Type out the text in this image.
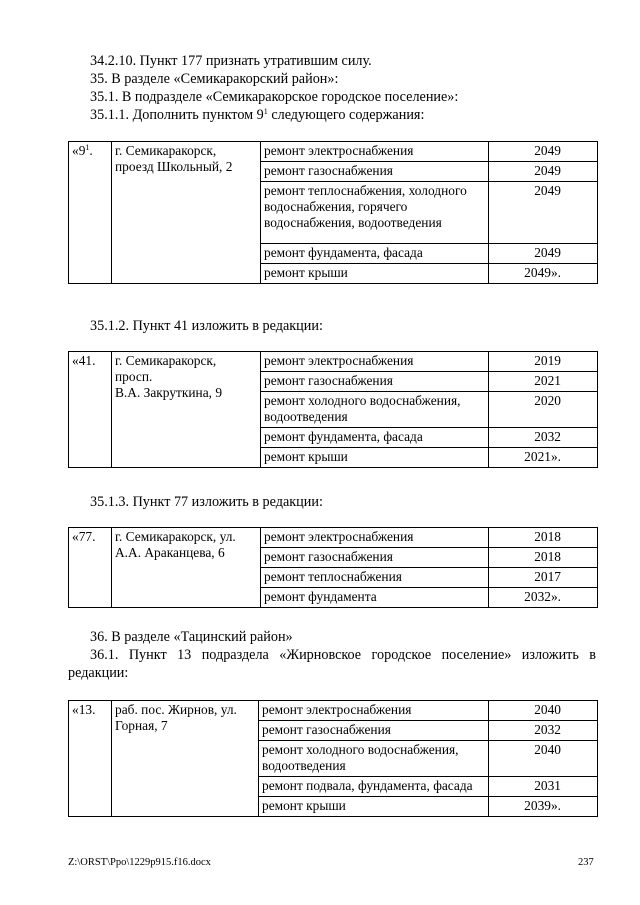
34.2.10. Пункт 177 признать утратившим силу.
35. В разделе «Семикаракорский район»:
35.1. В подразделе «Семикаракорское городское поселение»:
35.1.1. Дополнить пунктом $9^1$ следующего содержания:
«$9^1$.	г. Семикаракорск, проезд Школьный, 2	ремонт электроснабжения	2049
		ремонт газоснабжения	2049
		ремонт теплоснабжения, холодного водоснабжения, горячего водоснабжения, водоотведения	2049
		ремонт фундамента, фасада	2049
		ремонт крыши	2049».
35.1.2. Пункт 41 изложить в редакции:
«41.	г. Семикаракорск,
просп.
В.А. Закруткина, 9	ремонт электроснабжения	2019
		ремонт газоснабжения	2021
		ремонт холодного водоснабжения, водоотведения	2020
		ремонт фундамента, фасада	2032
		ремонт крыши	2021».
35.1.3. Пункт 77 изложить в редакции:
«77.	г. Семикаракорск, ул. А.А. Араканцева, 6	ремонт электроснабжения	2018
		ремонт газоснабжения	2018
		ремонт теплоснабжения	2017
		ремонт фундамента	2032».
36. В разделе «Тацинский район»
36.1. Пункт 13 подраздела «Жирновское городское поселение» изложить в редакции:
«13.	раб. пос. Жирнов, ул. Горная, 7	ремонт электроснабжения	2040
		ремонт газоснабжения	2032
		ремонт холодного водоснабжения, водоотведения	2040
		ремонт подвала, фундамента, фасада	2031
		ремонт крыши	2039».
Z:\ORST\Ppo\1229p915.f16.docx	237
